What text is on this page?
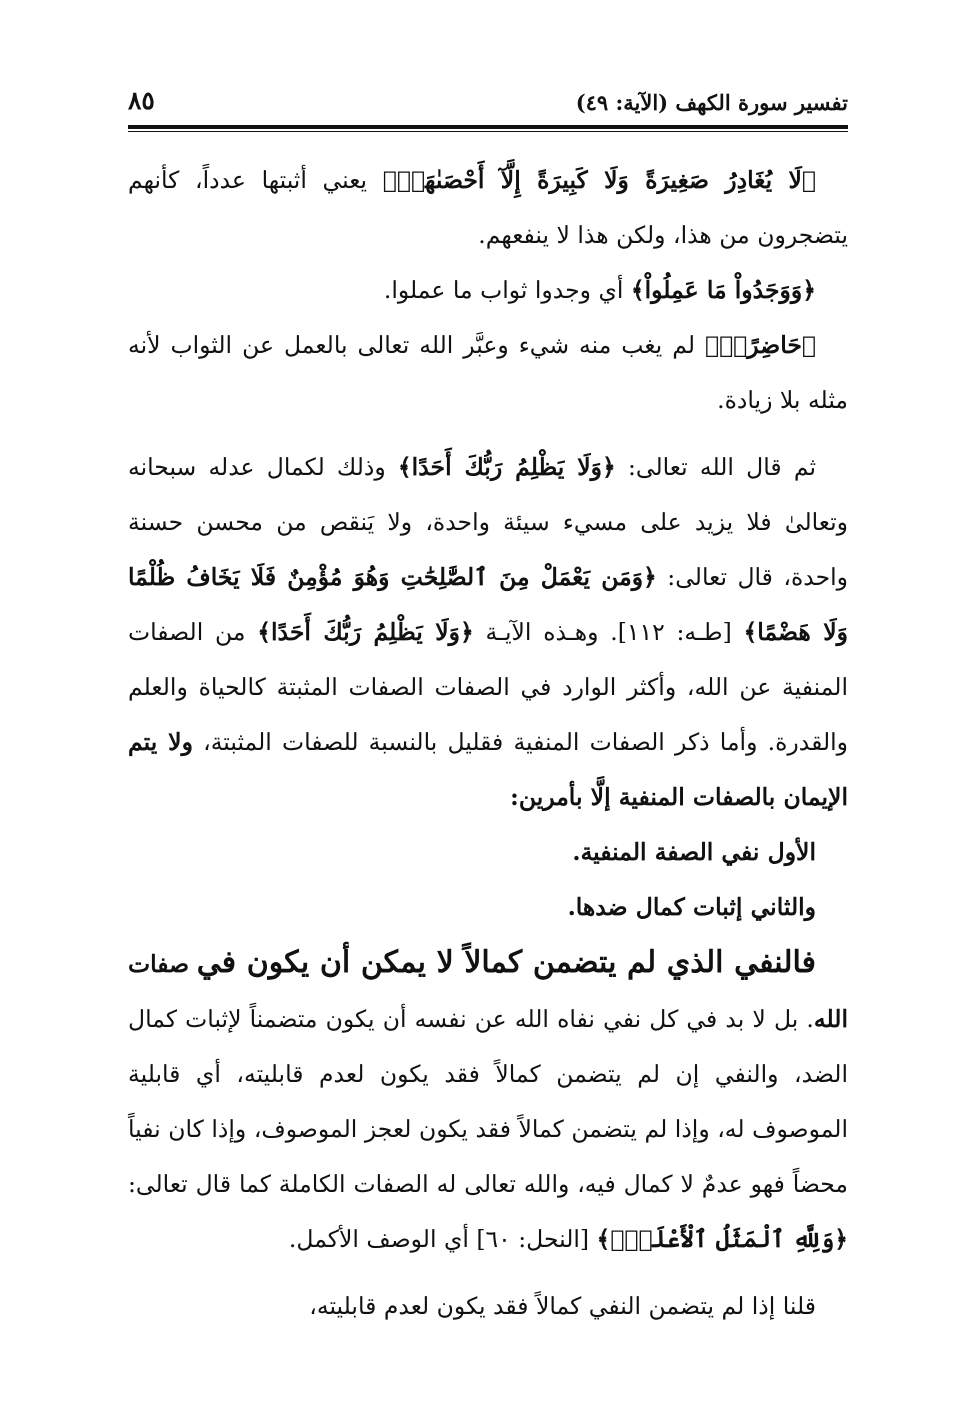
تفسير سورة الكهف (الآية: ٤٩)
٨٥

﴿لَا يُغَادِرُ صَغِيرَةً وَلَا كَبِيرَةً إِلَّآ أَحْصَىٰهَاۚ﴾ يعني أثبتها عدداً، كأنهم يتضجرون من هذا، ولكن هذا لا ينفعهم.

﴿وَوَجَدُواْ مَا عَمِلُواْ﴾ أي وجدوا ثواب ما عملوا.

﴿حَاضِرًاۗ﴾ لم يغب منه شيء وعبَّر الله تعالى بالعمل عن الثواب لأنه مثله بلا زيادة.

ثم قال الله تعالى: ﴿وَلَا يَظْلِمُ رَبُّكَ أَحَدًا﴾ وذلك لكمال عدله سبحانه وتعالىٰ فلا يزيد على مسيء سيئة واحدة، ولا يَنقص من محسن حسنة واحدة، قال تعالى: ﴿وَمَن يَعْمَلْ مِنَ ٱلصَّٰلِحَٰتِ وَهُوَ مُؤْمِنٌ فَلَا يَخَافُ ظُلْمًا وَلَا هَضْمًا﴾ [طـه: ١١٢]. وهـذه الآيـة ﴿وَلَا يَظْلِمُ رَبُّكَ أَحَدًا﴾ من الصفات المنفية عن الله، وأكثر الوارد في الصفات الصفات المثبتة كالحياة والعلم والقدرة. وأما ذكر الصفات المنفية فقليل بالنسبة للصفات المثبتة، ولا يتم الإيمان بالصفات المنفية إلَّا بأمرين:

الأول نفي الصفة المنفية.

والثاني إثبات كمال ضدها.

فالنفي الذي لم يتضمن كمالاً لا يمكن أن يكون في صفات الله. بل لا بد في كل نفي نفاه الله عن نفسه أن يكون متضمناً لإثبات كمال الضد، والنفي إن لم يتضمن كمالاً فقد يكون لعدم قابليته، أي قابلية الموصوف له، وإذا لم يتضمن كمالاً فقد يكون لعجز الموصوف، وإذا كان نفياً محضاً فهو عدمٌ لا كمال فيه، والله تعالى له الصفات الكاملة كما قال تعالى: ﴿وَلِلَّهِ ٱلْمَثَلُ ٱلْأَعْلَىٰۚ﴾ [النحل: ٦٠] أي الوصف الأكمل.

قلنا إذا لم يتضمن النفي كمالاً فقد يكون لعدم قابليته،
